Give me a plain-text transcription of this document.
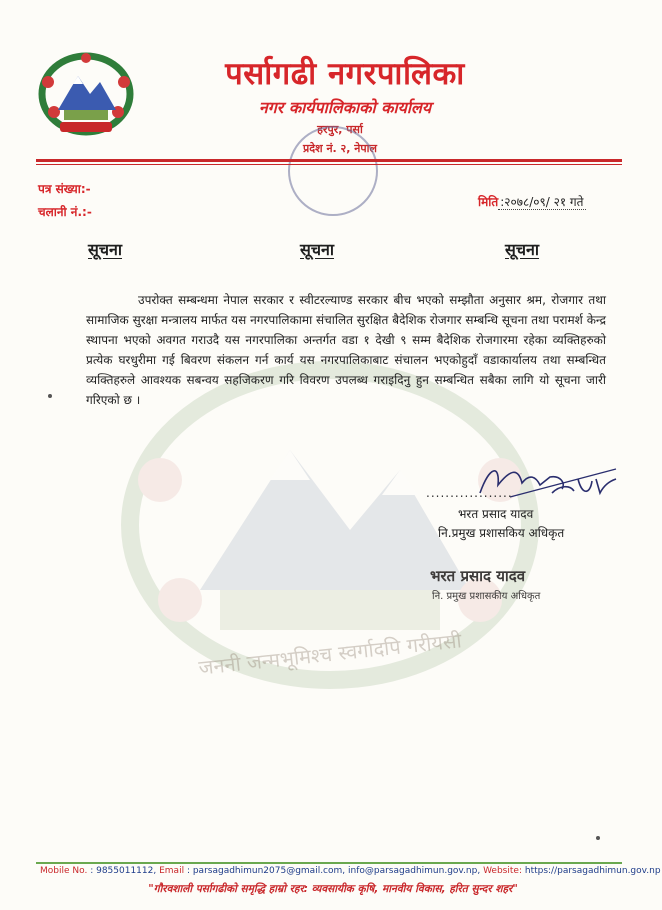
जननी जन्मभूमिश्च स्वर्गादपि गरीयसी
पर्सागढी नगरपालिका
नगर कार्यपालिकाको कार्यालय
हरपुर, पर्सा
प्रदेश नं. २, नेपाल
पत्र संख्या:-
चलानी नं.:-
मिति :२०७८/०९/ २१ गते
सूचना	सूचना	सूचना
उपरोक्त सम्बन्धमा नेपाल सरकार र स्वीटरल्याण्ड सरकार बीच भएको सम्झौता अनुसार श्रम, रोजगार तथा सामाजिक सुरक्षा मन्त्रालय मार्फत यस नगरपालिकामा संचालित सुरक्षित बैदेशिक रोजगार सम्बन्धि सूचना तथा परामर्श केन्द्र स्थापना भएको अवगत गराउदै यस नगरपालिका अन्तर्गत वडा १ देखी ९ सम्म बैदेशिक रोजगारमा रहेका व्यक्तिहरुको प्रत्येक घरधुरीमा गई बिवरण संकलन गर्न कार्य यस नगरपालिकाबाट संचालन भएकोहुदाँ वडाकार्यालय तथा सम्बन्धित व्यक्तिहरुले आवश्यक सबन्वय सहजिकरण गरि विवरण उपलब्ध गराइदिनु हुन सम्बन्धित सबैका लागि यो सूचना जारी गरिएको छ ।
..................
भरत प्रसाद यादव
नि.प्रमुख प्रशासकिय अधिकृत
भरत प्रसाद यादव
नि. प्रमुख प्रशासकीय अधिकृत
Mobile No. : 9855011112, Email : parsagadhimun2075@gmail.com, info@parsagadhimun.gov.np, Website: https://parsagadhimun.gov.np
"गौरवशाली पर्सागढीको समृद्धि हाम्रो रहर: व्यवसायीक कृषि, मानवीय विकास, हरित सुन्दर शहर"
